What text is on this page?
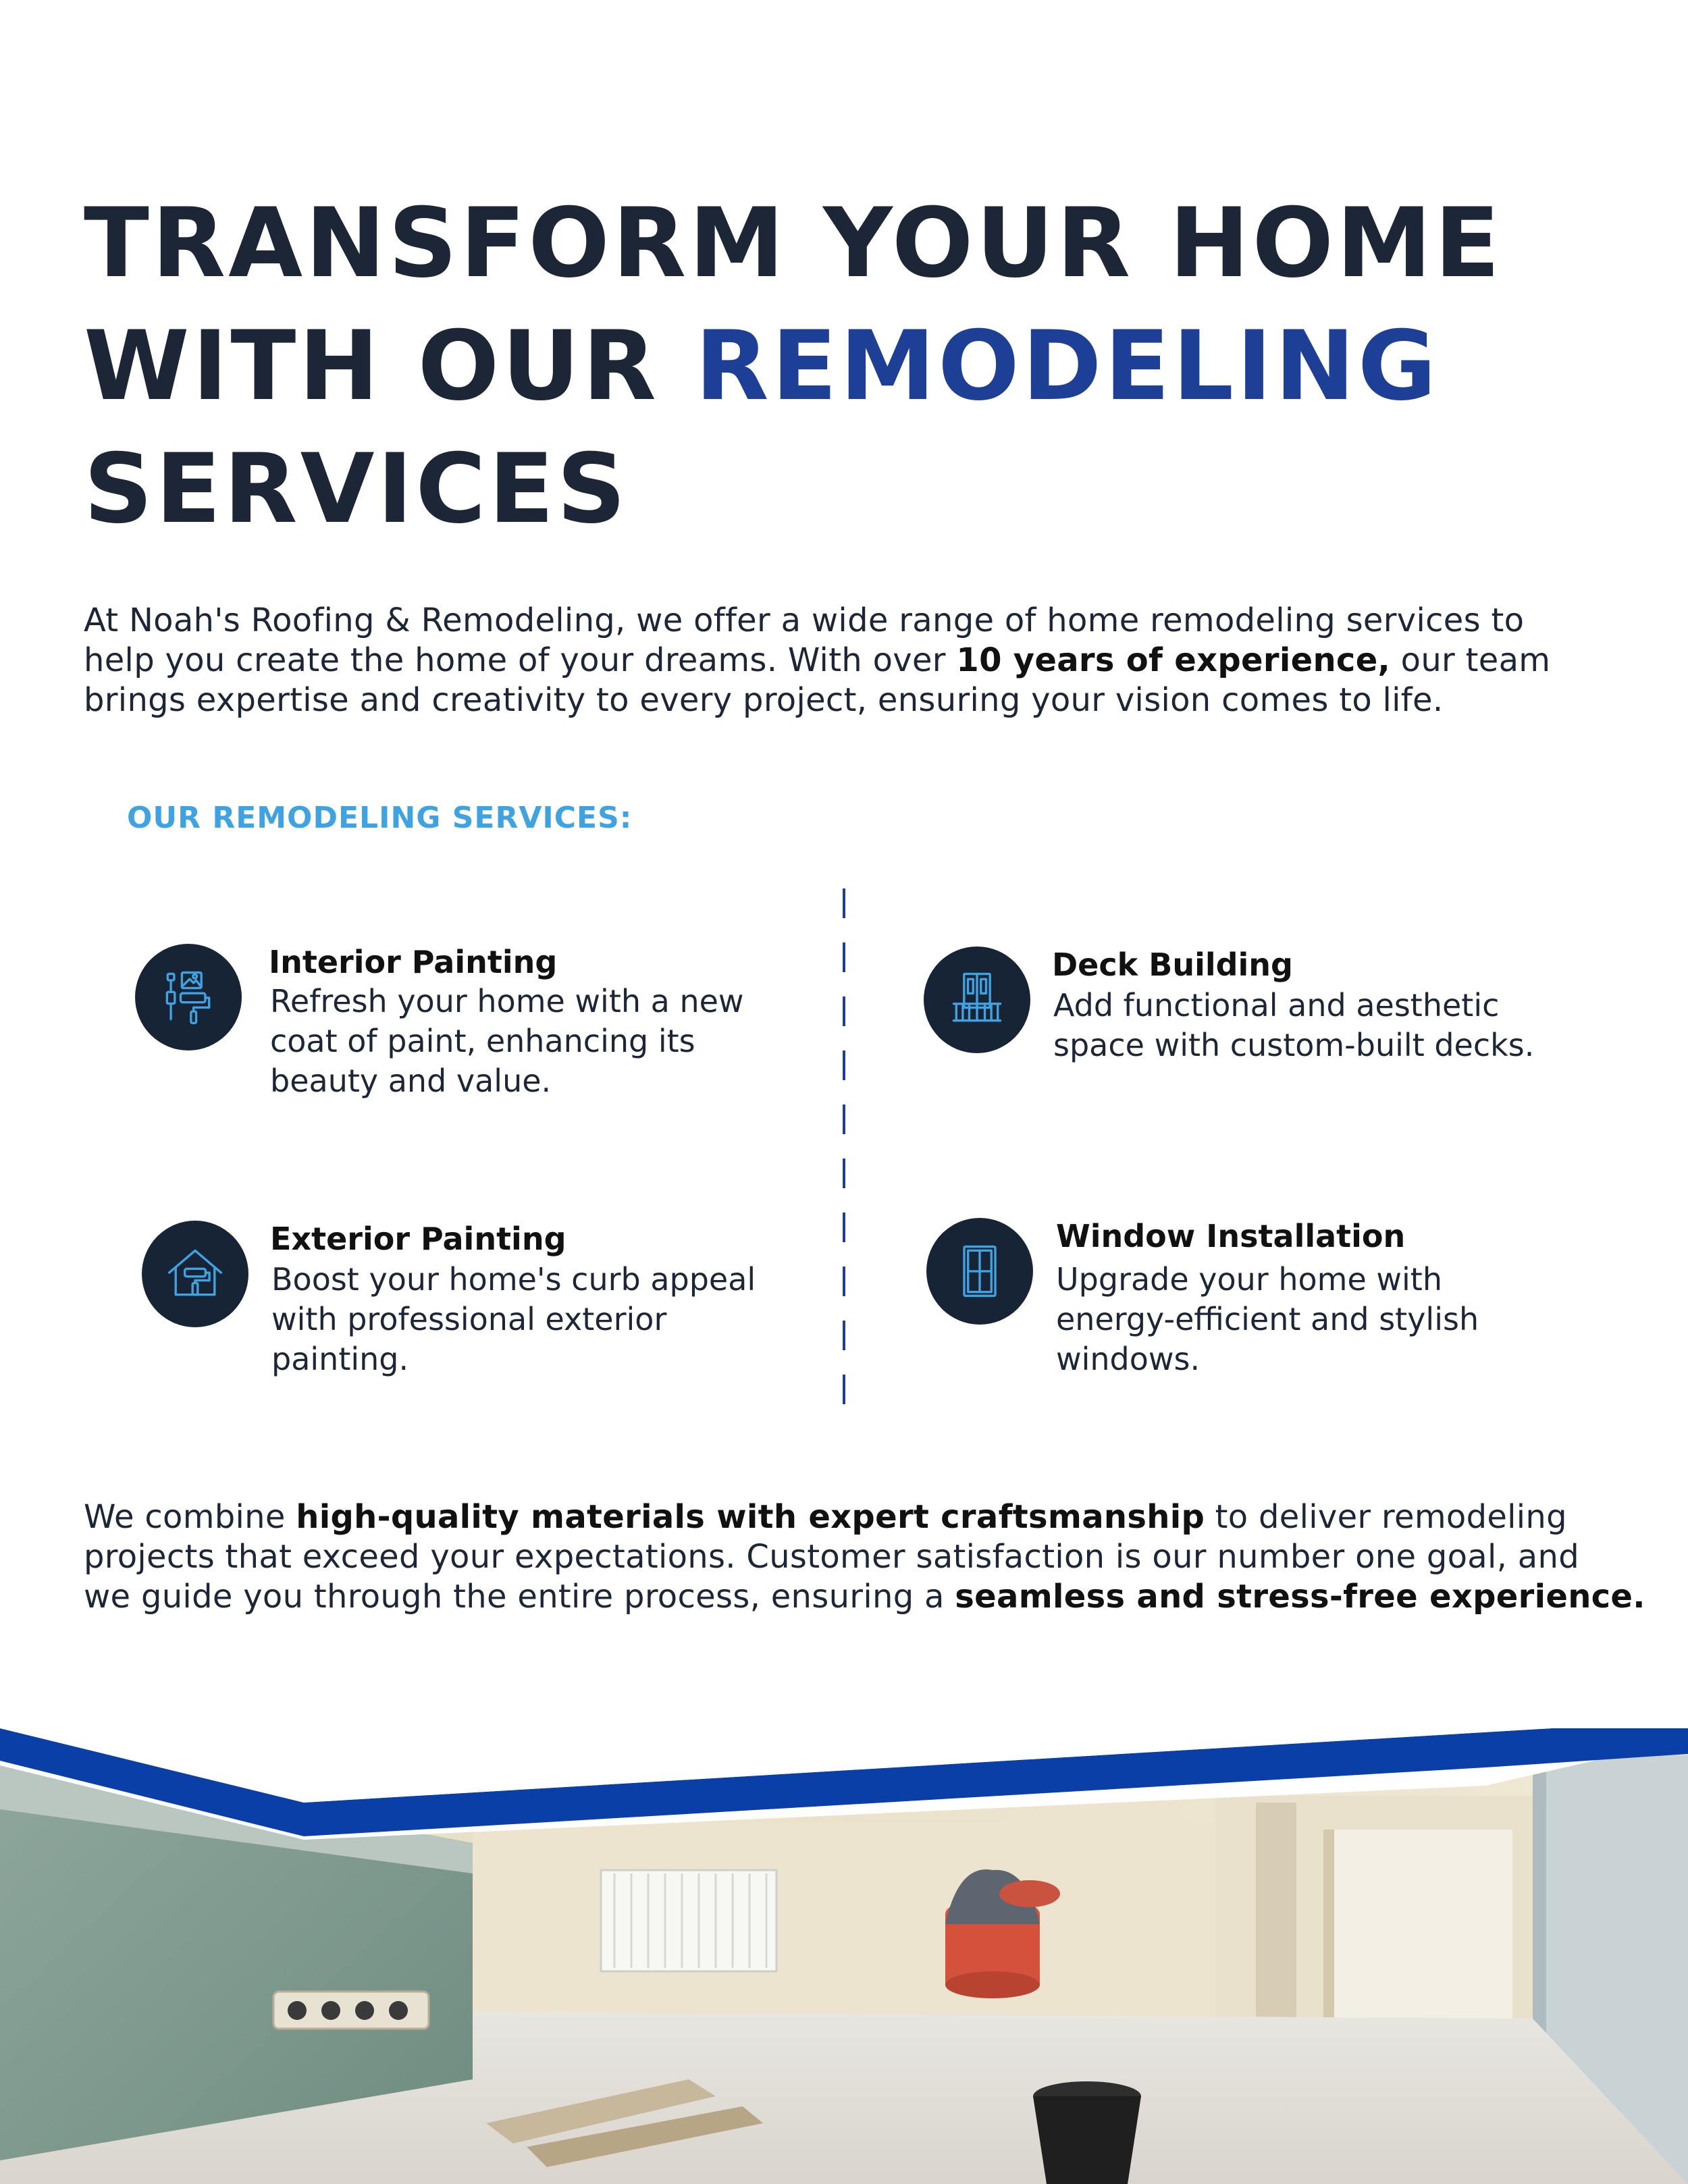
TRANSFORM YOUR HOME
WITH OUR REMODELING
SERVICES

At Noah's Roofing & Remodeling, we offer a wide range of home remodeling services to
help you create the home of your dreams. With over 10 years of experience, our team
brings expertise and creativity to every project, ensuring your vision comes to life.

OUR REMODELING SERVICES:
Interior Painting

Refresh your home with a new
coat of paint, enhancing its
beauty and value.

Deck Building

Add functional and aesthetic
space with custom-built decks.

Exterior Painting

Boost your home's curb appeal
with professional exterior
painting.

Window Installation

Upgrade your home with
energy-efficient and stylish
windows.

We combine high-quality materials with expert craftsmanship to deliver remodeling
projects that exceed your expectations. Customer satisfaction is our number one goal, and
we guide you through the entire process, ensuring a seamless and stress-free experience.
